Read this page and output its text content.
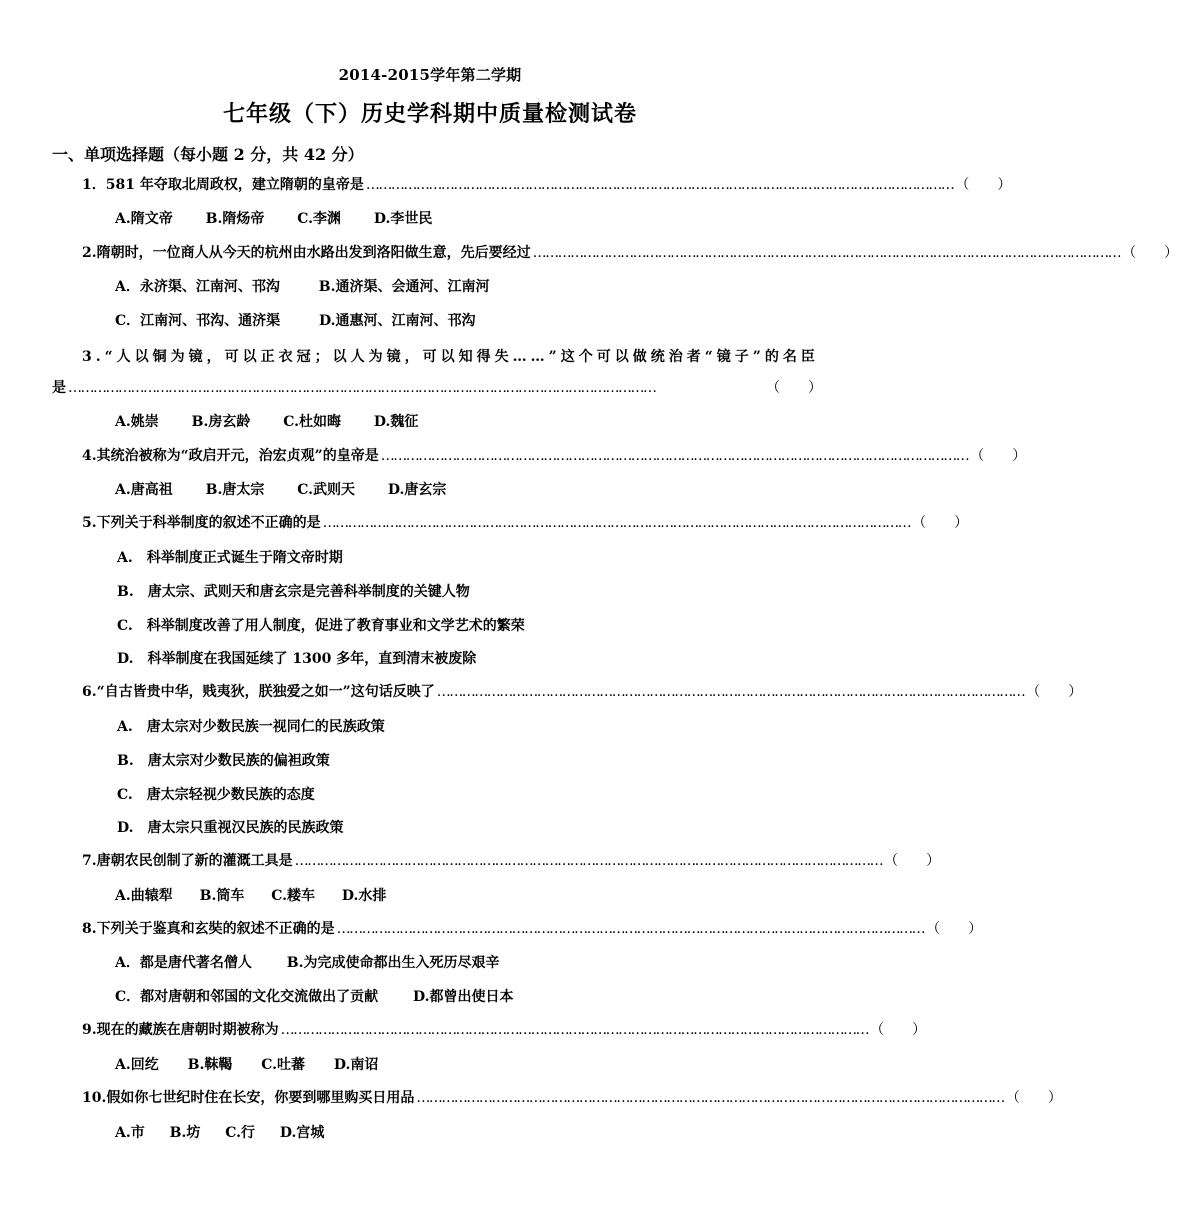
2014-2015学年第二学期
七年级（下）历史学科期中质量检测试卷
一、单项选择题（每小题 2 分，共 42 分）
1．581 年夺取北周政权，建立隋朝的皇帝是 …………………………………………………………………………………………………………………………… （　　）
A.隋文帝 B.隋炀帝 C.李渊 D.李世民
2.隋朝时，一位商人从今天的杭州由水路出发到洛阳做生意，先后要经过 …………………………………………………………………………………………………………………………… （　　）
A．永济渠、江南河、邗沟	B.通济渠、会通河、江南河
C．江南河、邗沟、通济渠	D.通惠河、江南河、邗沟
3.“人以铜为镜，可以正衣冠；以人为镜，可以知得失……”这个可以做统治者“镜子”的名臣
是 ……………………………………………………………………………………………………………………………	（　　）
A.姚崇 B.房玄龄 C.杜如晦 D.魏征
4.其统治被称为“政启开元，治宏贞观”的皇帝是 …………………………………………………………………………………………………………………………… （　　）
A.唐高祖 B.唐太宗 C.武则天 D.唐玄宗
5.下列关于科举制度的叙述不正确的是 …………………………………………………………………………………………………………………………… （　　）
A.　科举制度正式诞生于隋文帝时期
B.　唐太宗、武则天和唐玄宗是完善科举制度的关键人物
C.　科举制度改善了用人制度，促进了教育事业和文学艺术的繁荣
D.　科举制度在我国延续了 1300 多年，直到清末被废除
6.“自古皆贵中华，贱夷狄，朕独爱之如一”这句话反映了 …………………………………………………………………………………………………………………………… （　　）
A.　唐太宗对少数民族一视同仁的民族政策
B.　唐太宗对少数民族的偏袒政策
C.　唐太宗轻视少数民族的态度
D.　唐太宗只重视汉民族的民族政策
7.唐朝农民创制了新的灌溉工具是 …………………………………………………………………………………………………………………………… （　　）
A.曲辕犁 B.筒车 C.耧车 D.水排
8.下列关于鉴真和玄奘的叙述不正确的是 …………………………………………………………………………………………………………………………… （　　）
A．都是唐代著名僧人 B.为完成使命都出生入死历尽艰辛
C．都对唐朝和邻国的文化交流做出了贡献 D.都曾出使日本
9.现在的藏族在唐朝时期被称为 …………………………………………………………………………………………………………………………… （　　）
A.回纥 B.靺鞨 C.吐蕃 D.南诏
10.假如你七世纪时住在长安，你要到哪里购买日用品 …………………………………………………………………………………………………………………………… （　　）
A.市 B.坊 C.行 D.宫城
